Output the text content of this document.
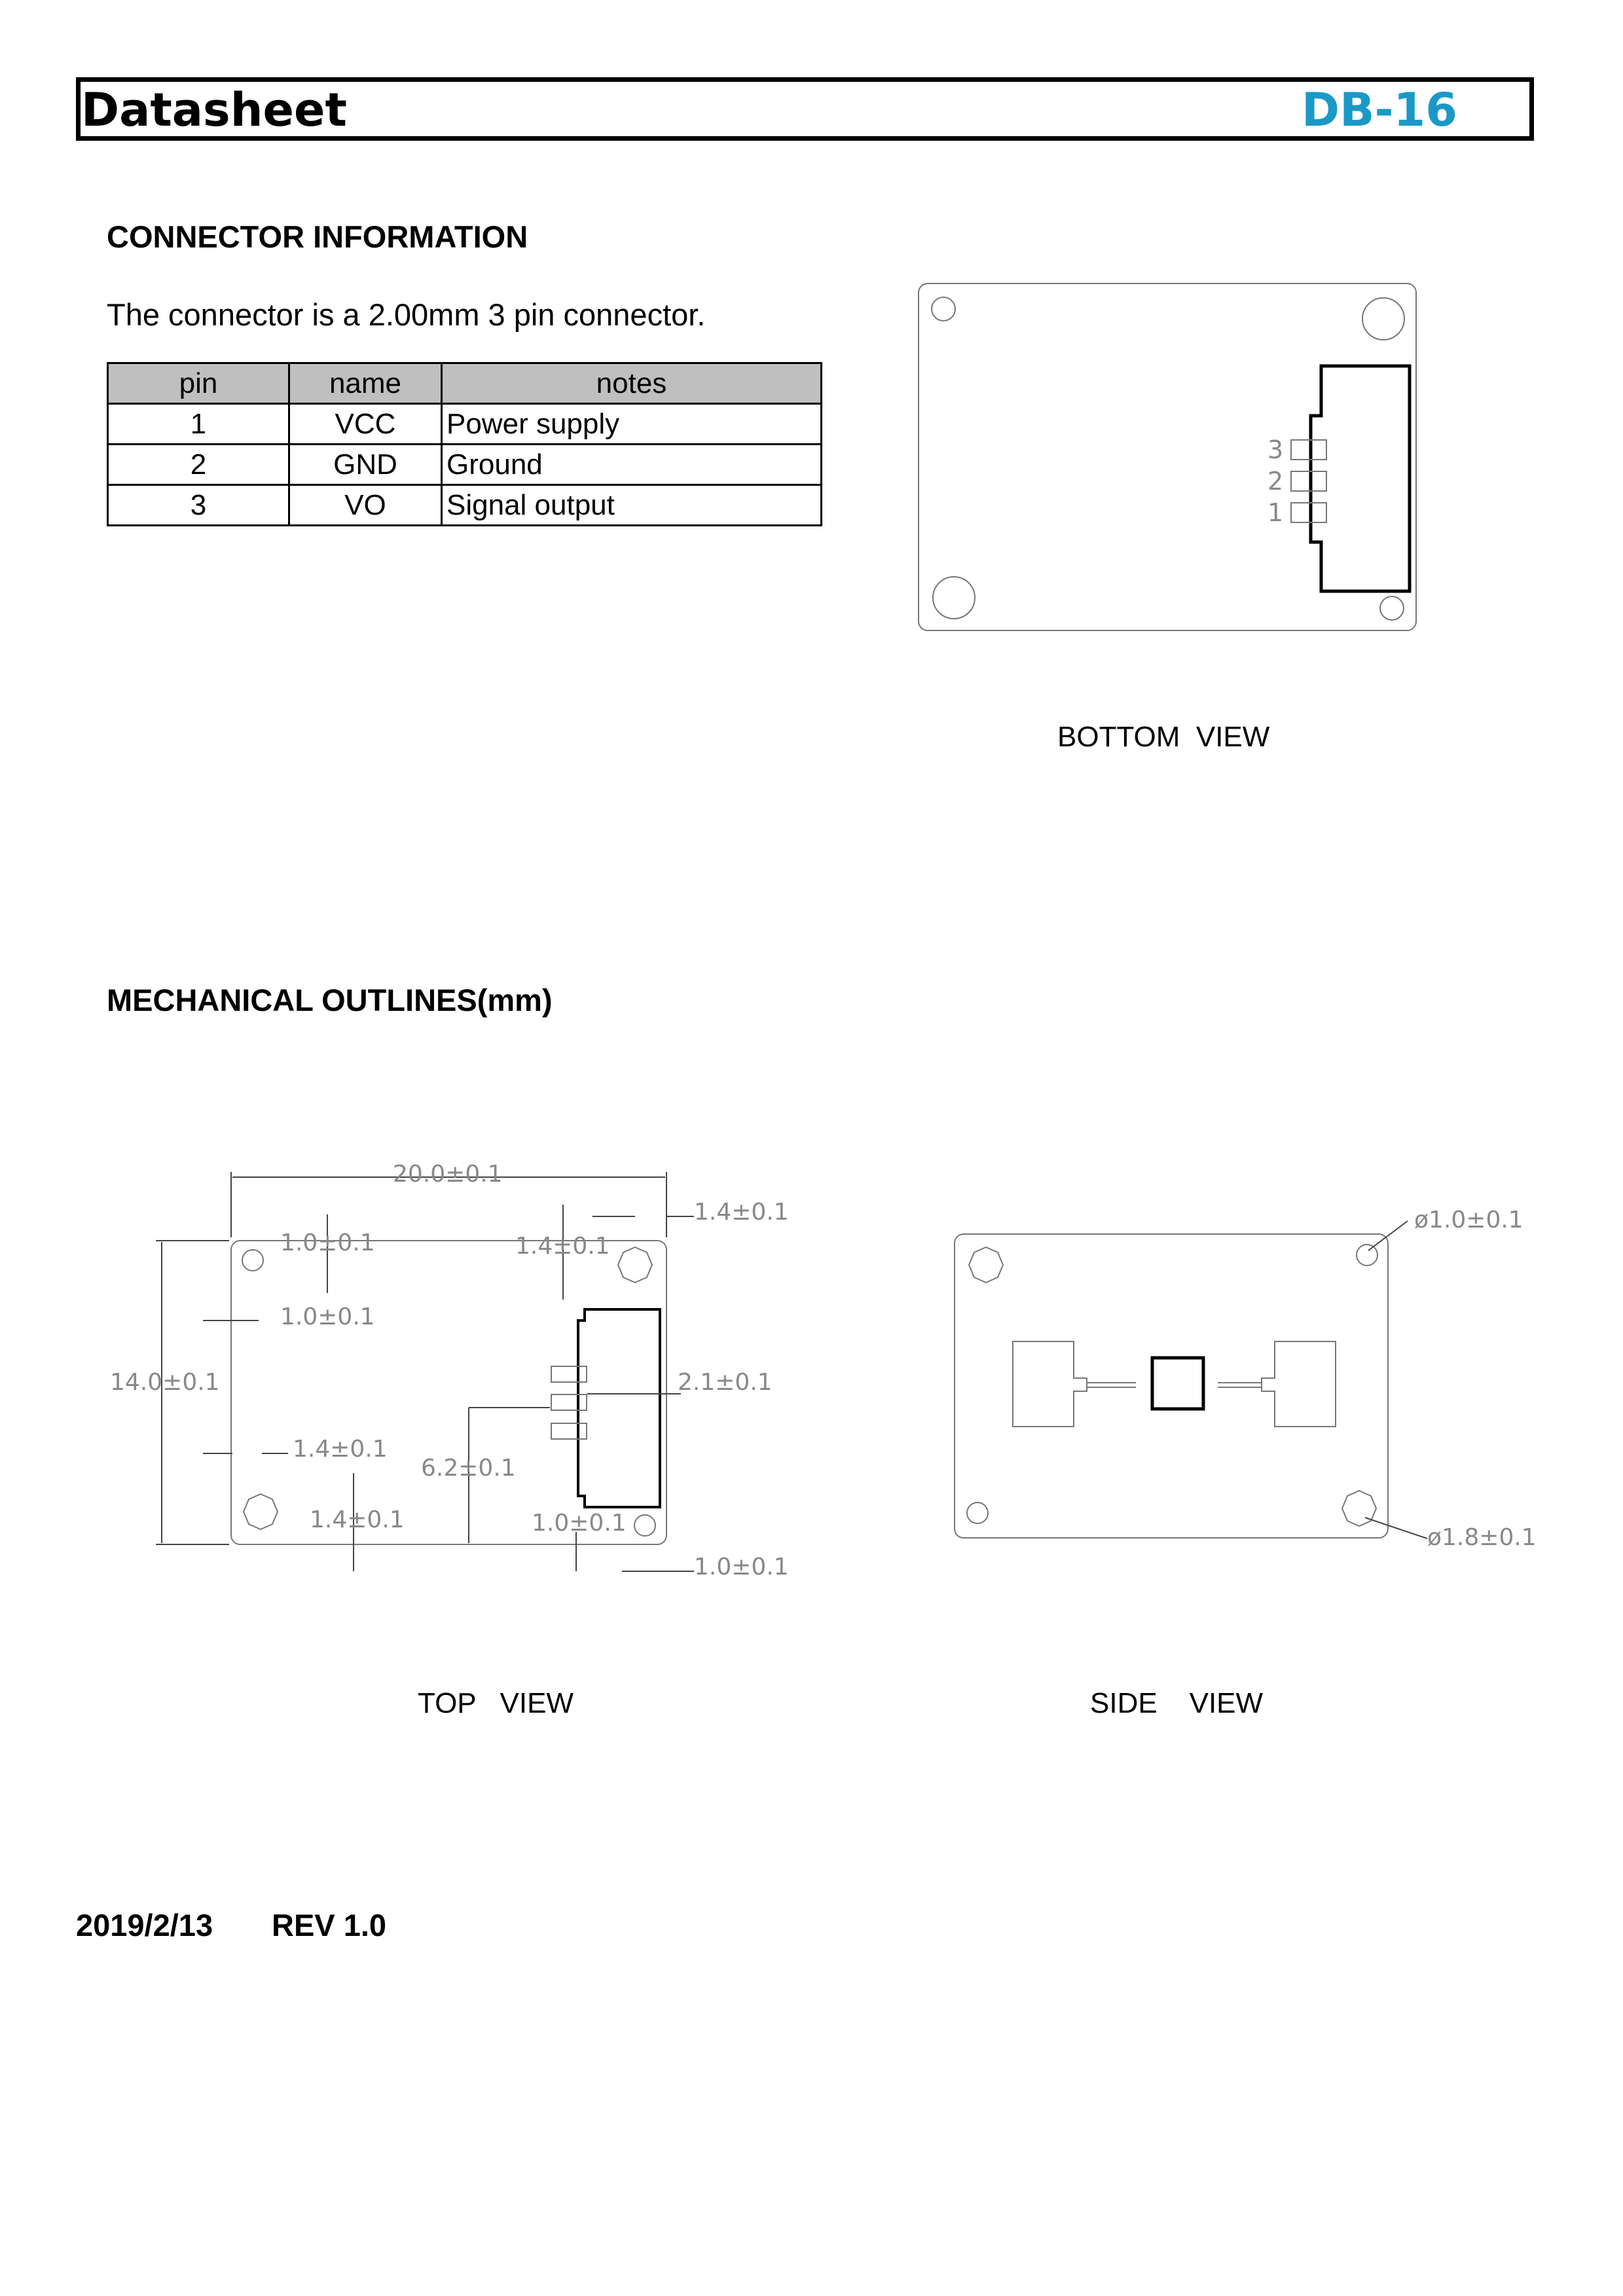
Datasheet	DB-16
CONNECTOR INFORMATION
The connector is a 2.00mm 3 pin connector.
pin	name	notes
1	VCC	Power supply
2	GND	Ground
3	VO	Signal output
3
2
1
20.0±0.1
14.0±0.1
1.0±0.1
1.0±0.1
1.4±0.1
1.4±0.1
2.1±0.1
6.2±0.1
1.4±0.1
1.4±0.1	1.0±0.1
1.0±0.1
ø1.0±0.1
ø1.8±0.1
BOTTOM  VIEW
MECHANICAL OUTLINES(mm)
TOP   VIEW	SIDE    VIEW
2019/2/13 REV 1.0
